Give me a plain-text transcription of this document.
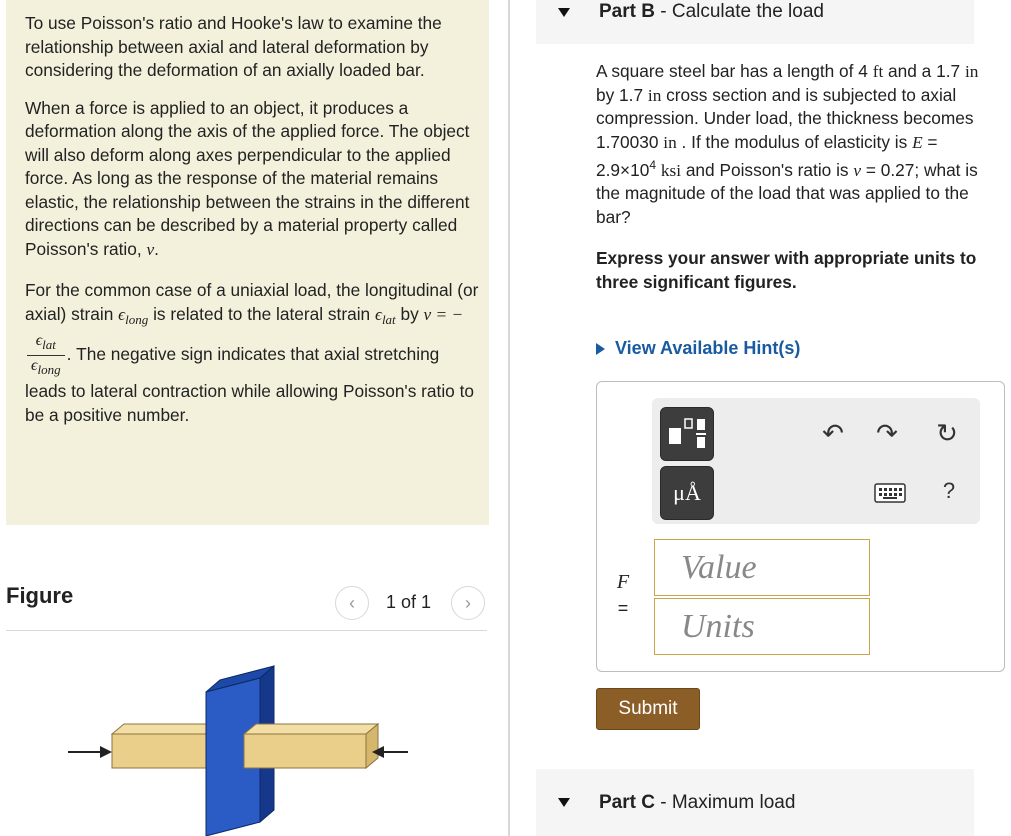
To use Poisson's ratio and Hooke's law to examine the relationship between axial and lateral deformation by considering the deformation of an axially loaded bar.

When a force is applied to an object, it produces a deformation along the axis of the applied force. The object will also deform along axes perpendicular to the applied force. As long as the response of the material remains elastic, the relationship between the strains in the different directions can be described by a material property called Poisson's ratio, ν.

For the common case of a uniaxial load, the longitudinal (or axial) strain $\epsilon_{long}$ is related to the lateral strain $\epsilon_{lat}$ by ν = −
$\frac{\epsilon_{lat}}{\epsilon_{long}}$ . The negative sign indicates that axial stretching leads to lateral contraction while allowing Poisson's ratio to be a positive number.

Figure	‹ 1 of 1 ›
Part B - Calculate the load

A square steel bar has a length of 4 ft and a 1.7 in by 1.7 in cross section and is subjected to axial compression. Under load, the thickness becomes 1.70030 in . If the modulus of elasticity is $E = 2.9\times 10^4$ ksi and Poisson's ratio is ν = 0.27; what is the magnitude of the load that was applied to the bar?

Express your answer with appropriate units to three significant figures.

View Available Hint(s)
μÅ
↶ ↷ ↻
?
F
=
Value
Units
Submit
Part C - Maximum load
